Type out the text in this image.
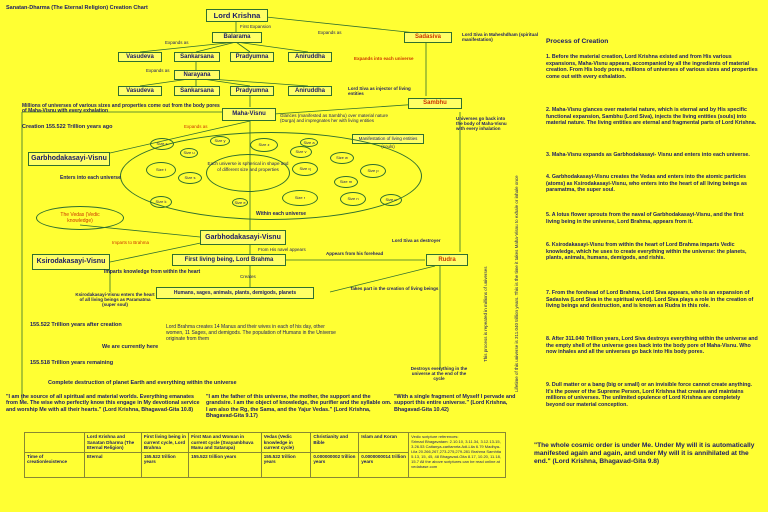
Sanatan-Dharma (The Eternal Religion) Creation Chart
Lord Krishna
First Expansion
Balarama
Expands as
Expands as
Sadasiva	Lord Siva in Maheshdham (spiritual manifestation)
Vasudeva	Sankarsana	Pradyumna	Aniruddha
Expands as
Narayana
Expands into each universe
Vasudeva	Sankarsana	Pradyumna	Aniruddha	Lord Siva as injector of living entities
Sambhu
Millions of universes of various sizes and properties come out from the body pores of Maha-Visnu with every exhalation	Maha-Visnu
Expands as
Glances (manifested as Sambhu) over material nature (Durga) and impregnates her with living entities
Creation 155.522 Trillion years ago
Manifestation of living entities (souls)
Universes go back into the body of Maha-Visnu with every inhalation
Garbhodakasayi-Visnu
Enters into each universe
Size x
Size y
Size z
Size u	Size v
Size w
Size t
Size s
Size q	Size p
Size r
Size m
Size n
Size k	Size o
Size e
Size a
Each universe is spherical in shape and of different size and properties
Within each universe
The Vedas (Vedic knowledge)
Imparts to Brahma
Garbhodakasayi-Visnu
From His navel appears
Appears from his forehead
Lord Siva as destroyer
Ksirodakasayi-Visnu	First living being, Lord Brahma	Rudra
Imparts knowledge from within the heart
Creates
Humans, sages, animals, plants, demigods, planets
Takes part in the creation of living beings
Ksirodakasayi-Visnu enters the heart of all living beings as Paramatma (super soul)
155.522 Trillion years after creation	Lord Brahma creates 14 Manus and their wives in each of his day, other women, 11 Sages, and demigods. The population of Humans in the Universe originate from them
We are currently here
155.518 Trillion years remaining
Destroys everything in the universe at the end of the cycle
Complete destruction of planet Earth and everything within the universe
This process is repeated in millions of universes	Lifetime of this universe is 311.040 trillion years. This is the time it takes Maha-Visnu to exhale or inhale once
"I am the source of all spiritual and material worlds. Everything emanates from Me. The wise who perfectly know this engage in My devotional service and worship Me with all their hearts." (Lord Krishna, Bhagavad-Gita 10.8)
"I am the father of this universe, the mother, the support and the grandsire. I am the object of knowledge, the purifier and the syllable om. I am also the Rg, the Sama, and the Yajur Vedas." (Lord Krishna, Bhagavad-Gita 9.17)
"With a single fragment of Myself I pervade and support this entire universe." (Lord Krishna, Bhagavad-Gita 10.42)
"The whole cosmic order is under Me. Under My will it is automatically manifested again and again, and under My will it is annihilated at the end." (Lord Krishna, Bhagavad-Gita 9.8)
Process of Creation
1. Before the material creation, Lord Krishna existed and from His various expansions, Maha-Visnu appears, accompanied by all the ingredients of material creation. From His body pores, millions of universes of various sizes and properties come out with every exhalation.
2. Maha-Visnu glances over material nature, which is eternal and by His specific functional expansion, Sambhu (Lord Siva), injects the living entities (souls) into material nature. The living entities are eternal and fragmental parts of Lord Krishna.
3. Maha-Visnu expands as Garbhodakasayi- Visnu and enters into each universe.
4. Garbhodakasayi-Visnu creates the Vedas and enters into the atomic particles (atoms) as Ksirodakasayi-Visnu, who enters into the heart of all living beings as paramatma, the super soul.
5. A lotus flower sprouts from the naval of Garbhodakasayi-Visnu, and the first living being in the universe, Lord Brahma, appears from it.
6. Ksirodakasayi-Visnu from within the heart of Lord Brahma imparts Vedic knowledge, which he uses to create everything within the universe: the planets, plants, animals, humans, demigods, and rishis.
7. From the forehead of Lord Brahma, Lord Siva appears, who is an expansion of Sadasiva (Lord Siva in the spiritual world). Lord Siva plays a role in the creation of living beings and destruction, and is known as Rudra in this role.
8. After 311.040 Trillion years, Lord Siva destroys everything within the universe and the empty shell of the universe goes back into the body pore of Maha-Visnu. Who now inhales and all the universes go back into His body pores.
9. Dull matter or a bang (big or small) or an invisible force cannot create anything. It's the power of the Supreme Person, Lord Krishna that creates and maintains millions of universes. The unlimited opulence of Lord Krishna are completely beyond our material conception.
	Lord Krishna and Sanatan Dharma (The Eternal Religion)	First living being in current cycle, Lord Brahma	First Man and Woman in current cycle (Svayambhuva Manu and Satarupa)	Vedas (Vedic knowledge in current cycle)	Christianity and Bible	Islam and Koran	Vedic scripture references:
Srimad Bhagavatam: 2.10.10, 3.11.34, 3.12.13-15, 3.26.53 Caitanya-caritamrta Adi-Lila 6.79 Madhya-Lila 20.266,267,273-275,279-281 Brahma Samhita 5.13, 15, 45, 48 Bhagavad-Gita 8.17, 10.20, 11.18, 15.7 All the above scriptures can be read online at vedabase.com

Time of creation/existence	Eternal	155.522 trillion years	155.522 trillion years	155.522 trillion years	0.000000002 trillion years	0.0000000014 trillion years	
